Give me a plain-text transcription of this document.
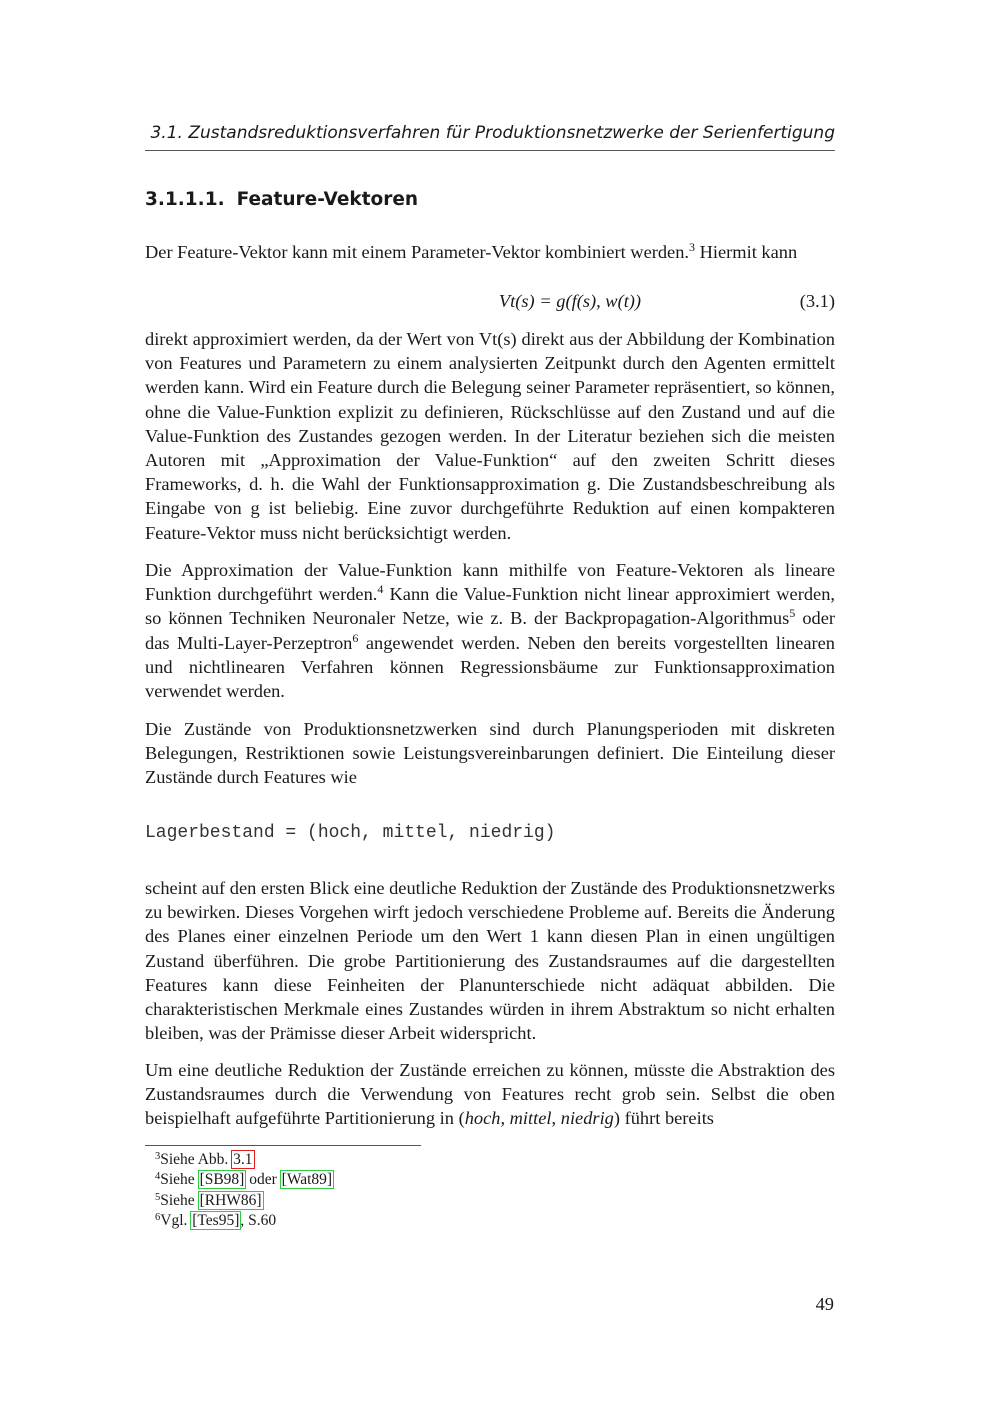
3.1. Zustandsreduktionsverfahren für Produktionsnetzwerke der Serienfertigung
3.1.1.1. Feature-Vektoren
Der Feature-Vektor kann mit einem Parameter-Vektor kombiniert werden.$^3$ Hiermit kann
Vt(s) = g(f(s), w(t))	(3.1)
direkt approximiert werden, da der Wert von Vt(s) direkt aus der Abbildung der Kombination von Features und Parametern zu einem analysierten Zeitpunkt durch den Agenten ermittelt werden kann. Wird ein Feature durch die Belegung seiner Parameter repräsentiert, so können, ohne die Value-Funktion explizit zu definieren, Rückschlüsse auf den Zustand und auf die Value-Funktion des Zustandes gezogen werden. In der Literatur beziehen sich die meisten Autoren mit „Approximation der Value-Funktion“ auf den zweiten Schritt dieses Frameworks, d. h. die Wahl der Funktionsapproximation g. Die Zustandsbeschreibung als Eingabe von g ist beliebig. Eine zuvor durchgeführte Reduktion auf einen kompakteren Feature-Vektor muss nicht berücksichtigt werden.
Die Approximation der Value-Funktion kann mithilfe von Feature-Vektoren als lineare Funktion durchgeführt werden.$^4$ Kann die Value-Funktion nicht linear approximiert werden, so können Techniken Neuronaler Netze, wie z. B. der Backpropagation-Algorithmus$^5$ oder das Multi-Layer-Perzeptron$^6$ angewendet werden. Neben den bereits vorgestellten linearen und nichtlinearen Verfahren können Regressionsbäume zur Funktionsapproximation verwendet werden.
Die Zustände von Produktionsnetzwerken sind durch Planungsperioden mit diskreten Belegungen, Restriktionen sowie Leistungsvereinbarungen definiert. Die Einteilung dieser Zustände durch Features wie
Lagerbestand = (hoch, mittel, niedrig)
scheint auf den ersten Blick eine deutliche Reduktion der Zustände des Produktionsnetzwerks zu bewirken. Dieses Vorgehen wirft jedoch verschiedene Probleme auf. Bereits die Änderung des Planes einer einzelnen Periode um den Wert 1 kann diesen Plan in einen ungültigen Zustand überführen. Die grobe Partitionierung des Zustandsraumes auf die dargestellten Features kann diese Feinheiten der Planunterschiede nicht adäquat abbilden. Die charakteristischen Merkmale eines Zustandes würden in ihrem Abstraktum so nicht erhalten bleiben, was der Prämisse dieser Arbeit widerspricht.
Um eine deutliche Reduktion der Zustände erreichen zu können, müsste die Abstraktion des Zustandsraumes durch die Verwendung von Features recht grob sein. Selbst die oben beispielhaft aufgeführte Partitionierung in (hoch, mittel, niedrig) führt bereits
$^3$Siehe Abb. 3.1
$^4$Siehe [SB98] oder [Wat89]
$^5$Siehe [RHW86]
$^6$Vgl. [Tes95], S.60
49
